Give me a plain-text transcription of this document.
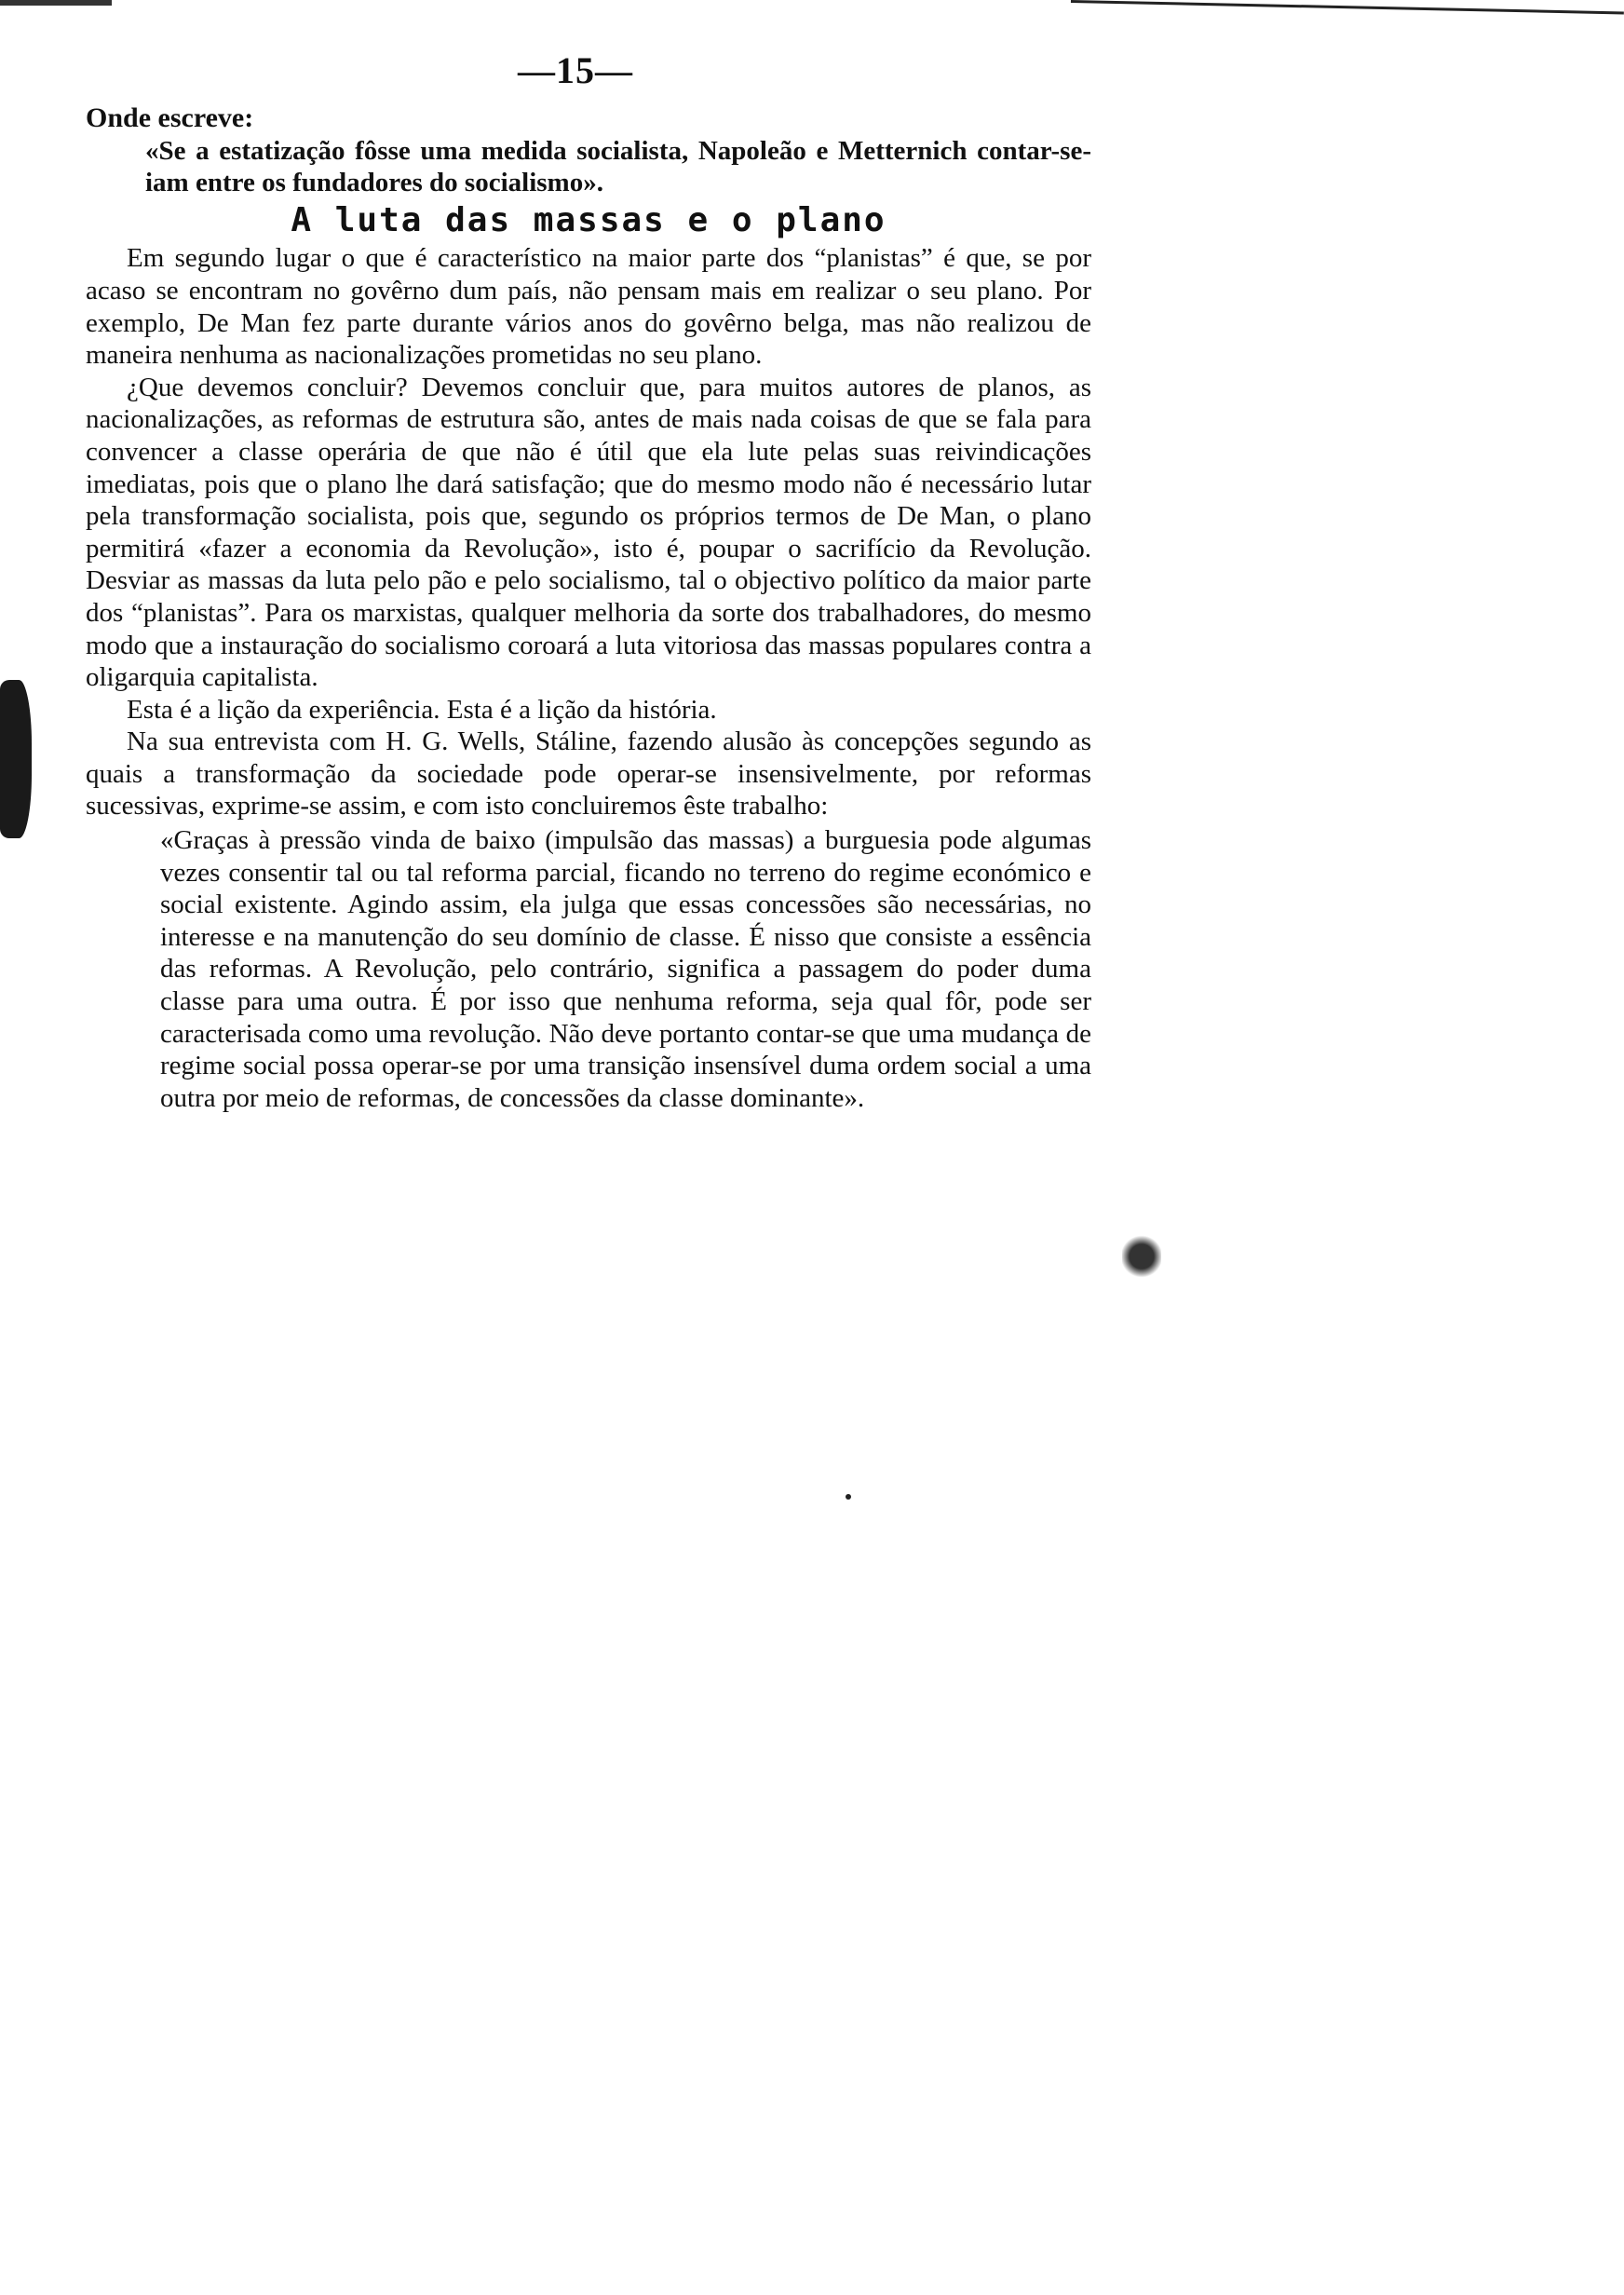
—15—

Onde escreve:

«Se a estatização fôsse uma medida socialista, Napoleão e Metternich contar-se-iam entre os fundadores do socialismo».

A luta das massas e o plano

Em segundo lugar o que é característico na maior parte dos “planistas” é que, se por acaso se encontram no govêrno dum país, não pensam mais em realizar o seu plano. Por exemplo, De Man fez parte durante vários anos do govêrno belga, mas não realizou de maneira nenhuma as nacionalizações prometidas no seu plano.

¿Que devemos concluir? Devemos concluir que, para muitos autores de planos, as nacionalizações, as reformas de estrutura são, antes de mais nada coisas de que se fala para convencer a classe operária de que não é útil que ela lute pelas suas reivindicações imediatas, pois que o plano lhe dará satisfação; que do mesmo modo não é necessário lutar pela transformação socialista, pois que, segundo os próprios termos de De Man, o plano permitirá «fazer a economia da Revolução», isto é, poupar o sacrifício da Revolução. Desviar as massas da luta pelo pão e pelo socialismo, tal o objectivo político da maior parte dos “planistas”. Para os marxistas, qualquer melhoria da sorte dos trabalhadores, do mesmo modo que a instauração do socialismo coroará a luta vitoriosa das massas populares contra a oligarquia capitalista.

Esta é a lição da experiência. Esta é a lição da história.

Na sua entrevista com H. G. Wells, Stáline, fazendo alusão às concepções segundo as quais a transformação da sociedade pode operar-se insensivelmente, por reformas sucessivas, exprime-se assim, e com isto concluiremos êste trabalho:

«Graças à pressão vinda de baixo (impulsão das massas) a burguesia pode algumas vezes consentir tal ou tal reforma parcial, ficando no terreno do regime económico e social existente. Agindo assim, ela julga que essas concessões são necessárias, no interesse e na manutenção do seu domínio de classe. É nisso que consiste a essência das reformas. A Revolução, pelo contrário, significa a passagem do poder duma classe para uma outra. É por isso que nenhuma reforma, seja qual fôr, pode ser caracterisada como uma revolução. Não deve portanto contar-se que uma mudança de regime social possa operar-se por uma transição insensível duma ordem social a uma outra por meio de reformas, de concessões da classe dominante».
